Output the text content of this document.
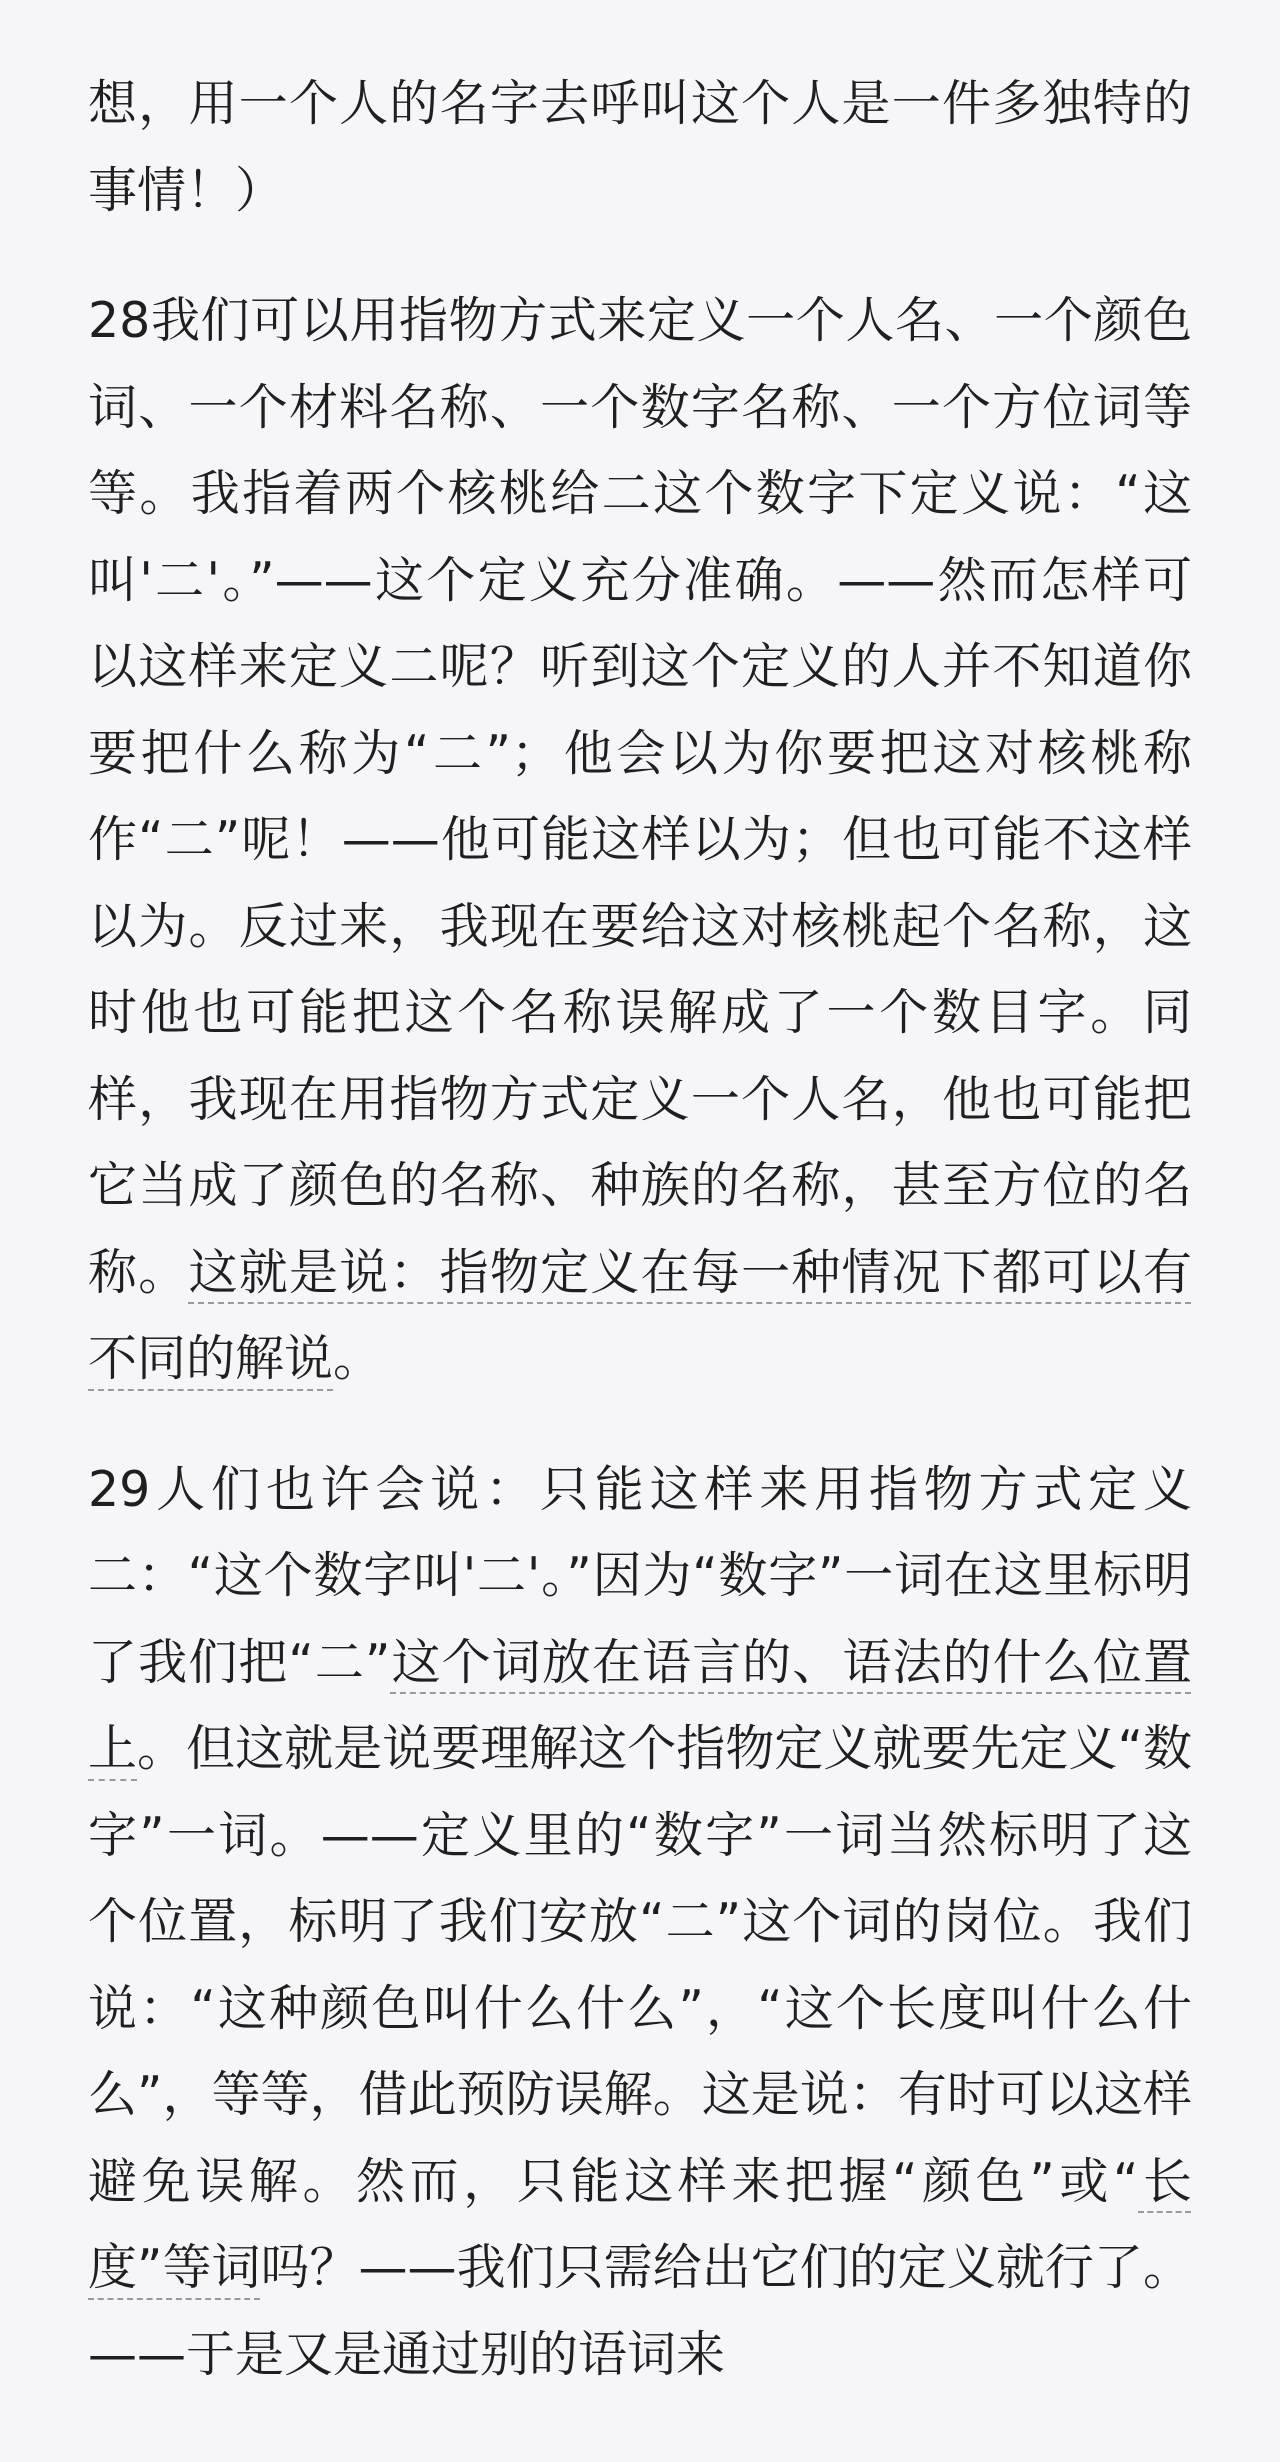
想，用一个人的名字去呼叫这个人是一件多独特的事情！）

28我们可以用指物方式来定义一个人名、一个颜色词、一个材料名称、一个数字名称、一个方位词等等。我指着两个核桃给二这个数字下定义说：“这叫'二'。”——这个定义充分准确。——然而怎样可以这样来定义二呢？听到这个定义的人并不知道你要把什么称为“二”；他会以为你要把这对核桃称作“二”呢！——他可能这样以为；但也可能不这样以为。反过来，我现在要给这对核桃起个名称，这时他也可能把这个名称误解成了一个数目字。同样，我现在用指物方式定义一个人名，他也可能把它当成了颜色的名称、种族的名称，甚至方位的名称。这就是说：指物定义在每一种情况下都可以有不同的解说。

29人们也许会说：只能这样来用指物方式定义二：“这个数字叫'二'。”因为“数字”一词在这里标明了我们把“二”这个词放在语言的、语法的什么位置上。但这就是说要理解这个指物定义就要先定义“数字”一词。——定义里的“数字”一词当然标明了这个位置，标明了我们安放“二”这个词的岗位。我们说：“这种颜色叫什么什么”，“这个长度叫什么什么”，等等，借此预防误解。这是说：有时可以这样避免误解。然而，只能这样来把握“颜色”或“长度”等词吗？——我们只需给出它们的定义就行了。——于是又是通过别的语词来
